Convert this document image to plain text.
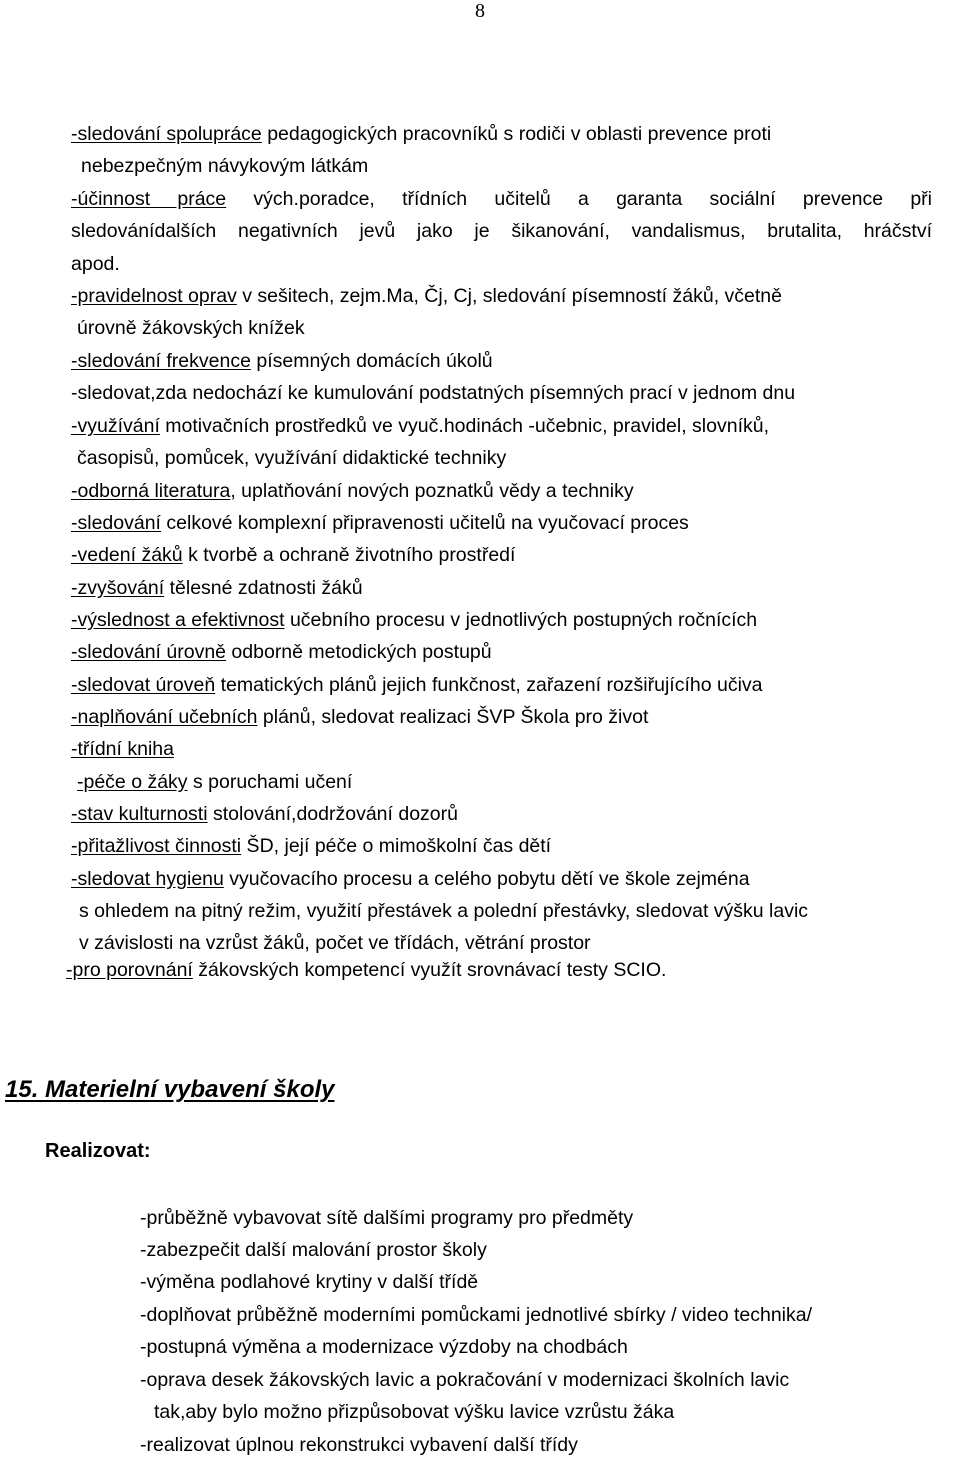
8
-sledování spolupráce pedagogických pracovníků s rodiči v oblasti prevence proti
nebezpečným návykovým látkám
-účinnost práce vých.poradce, třídních učitelů a garanta sociální prevence při
sledovánídalších negativních jevů jako je šikanování, vandalismus, brutalita, hráčství
apod.
-pravidelnost oprav v sešitech, zejm.Ma, Čj, Cj, sledování písemností žáků, včetně
úrovně žákovských knížek
-sledování frekvence písemných domácích úkolů
-sledovat,zda nedochází ke kumulování podstatných písemných prací v jednom dnu
-využívání motivačních prostředků ve vyuč.hodinách -učebnic, pravidel, slovníků,
časopisů, pomůcek, využívání didaktické techniky
-odborná literatura, uplatňování nových poznatků vědy a techniky
-sledování celkové komplexní připravenosti učitelů na vyučovací proces
-vedení žáků k tvorbě a ochraně životního prostředí
-zvyšování tělesné zdatnosti žáků
-výslednost a efektivnost učebního procesu v jednotlivých postupných ročnících
-sledování úrovně odborně metodických postupů
-sledovat úroveň tematických plánů jejich funkčnost, zařazení rozšiřujícího učiva
-naplňování učebních plánů, sledovat realizaci ŠVP Škola pro život
-třídní kniha
-péče o žáky s poruchami učení
-stav kulturnosti stolování,dodržování dozorů
-přitažlivost činnosti ŠD, její péče o mimoškolní čas dětí
-sledovat hygienu vyučovacího procesu a celého pobytu dětí ve škole zejména
s ohledem na pitný režim, využití přestávek a polední přestávky, sledovat výšku lavic
v závislosti na vzrůst žáků, počet ve třídách, větrání prostor
-pro porovnání žákovských kompetencí využít srovnávací testy SCIO.
15. Materielní vybavení školy
Realizovat:
-průběžně vybavovat sítě dalšími programy pro předměty
-zabezpečit další malování prostor školy
-výměna podlahové krytiny v další třídě
-doplňovat průběžně moderními pomůckami jednotlivé sbírky / video technika/
-postupná výměna a modernizace výzdoby na chodbách
-oprava desek žákovských lavic a pokračování v modernizaci školních lavic
tak,aby bylo možno přizpůsobovat výšku lavice vzrůstu žáka
-realizovat úplnou rekonstrukci vybavení další třídy
